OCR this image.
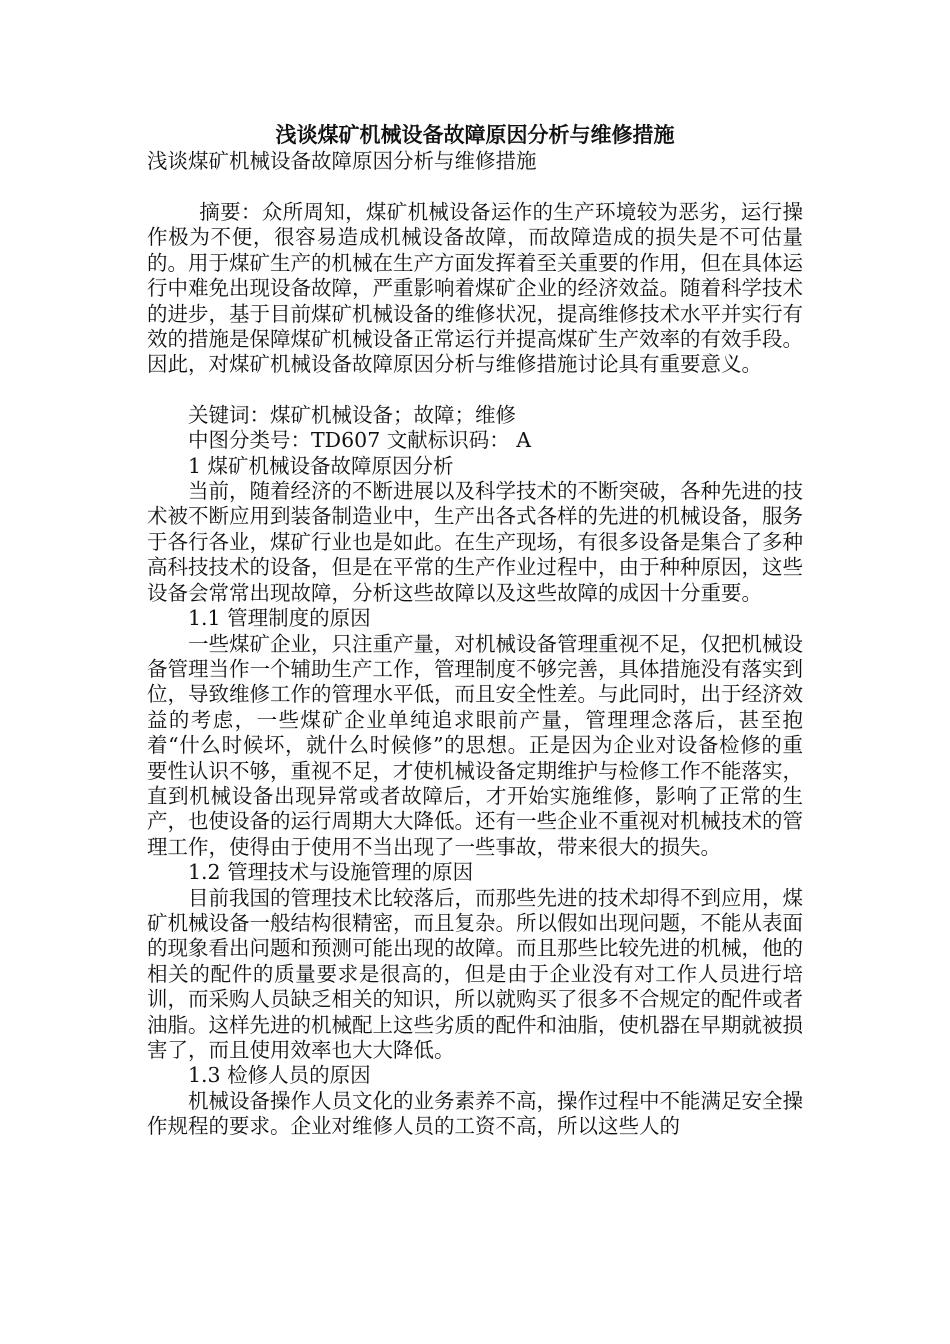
浅谈煤矿机械设备故障原因分析与维修措施

浅谈煤矿机械设备故障原因分析与维修措施

摘要：众所周知，煤矿机械设备运作的生产环境较为恶劣，运行操作极为不便，很容易造成机械设备故障，而故障造成的损失是不可估量的。用于煤矿生产的机械在生产方面发挥着至关重要的作用，但在具体运行中难免出现设备故障，严重影响着煤矿企业的经济效益。随着科学技术的进步，基于目前煤矿机械设备的维修状况，提高维修技术水平并实行有效的措施是保障煤矿机械设备正常运行并提高煤矿生产效率的有效手段。因此，对煤矿机械设备故障原因分析与维修措施讨论具有重要意义。

关键词：煤矿机械设备；故障；维修

中图分类号：TD607 文献标识码： A

1 煤矿机械设备故障原因分析

当前，随着经济的不断进展以及科学技术的不断突破，各种先进的技术被不断应用到装备制造业中，生产出各式各样的先进的机械设备，服务于各行各业，煤矿行业也是如此。在生产现场，有很多设备是集合了多种高科技技术的设备，但是在平常的生产作业过程中，由于种种原因，这些设备会常常出现故障，分析这些故障以及这些故障的成因十分重要。

1.1 管理制度的原因

一些煤矿企业，只注重产量，对机械设备管理重视不足，仅把机械设备管理当作一个辅助生产工作，管理制度不够完善，具体措施没有落实到位，导致维修工作的管理水平低，而且安全性差。与此同时，出于经济效益的考虑，一些煤矿企业单纯追求眼前产量，管理理念落后，甚至抱着“什么时候坏，就什么时候修”的思想。正是因为企业对设备检修的重要性认识不够，重视不足，才使机械设备定期维护与检修工作不能落实，直到机械设备出现异常或者故障后，才开始实施维修，影响了正常的生产，也使设备的运行周期大大降低。还有一些企业不重视对机械技术的管理工作，使得由于使用不当出现了一些事故，带来很大的损失。

1.2 管理技术与设施管理的原因

目前我国的管理技术比较落后，而那些先进的技术却得不到应用，煤矿机械设备一般结构很精密，而且复杂。所以假如出现问题，不能从表面的现象看出问题和预测可能出现的故障。而且那些比较先进的机械，他的相关的配件的质量要求是很高的，但是由于企业没有对工作人员进行培训，而采购人员缺乏相关的知识，所以就购买了很多不合规定的配件或者油脂。这样先进的机械配上这些劣质的配件和油脂，使机器在早期就被损害了，而且使用效率也大大降低。

1.3 检修人员的原因

机械设备操作人员文化的业务素养不高，操作过程中不能满足安全操作规程的要求。企业对维修人员的工资不高，所以这些人的
